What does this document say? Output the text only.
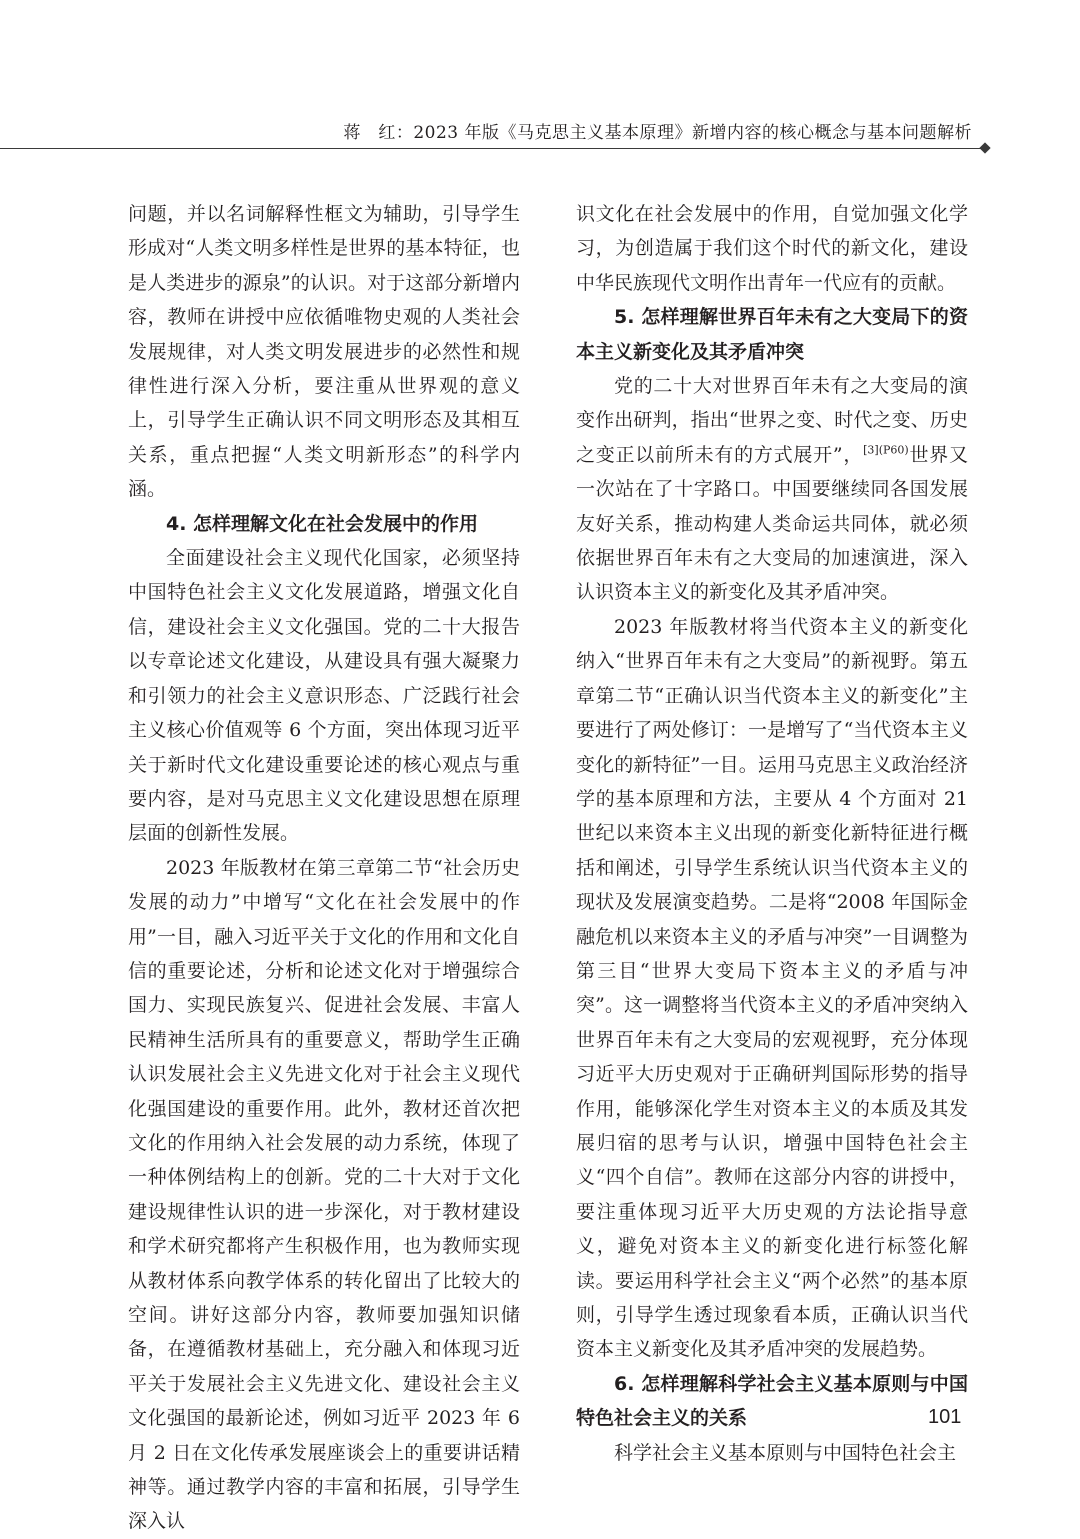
蒋　红：2023 年版《马克思主义基本原理》新增内容的核心概念与基本问题解析

问题，并以名词解释性框文为辅助，引导学生形成对“人类文明多样性是世界的基本特征，也是人类进步的源泉”的认识。对于这部分新增内容，教师在讲授中应依循唯物史观的人类社会发展规律，对人类文明发展进步的必然性和规律性进行深入分析，要注重从世界观的意义上，引导学生正确认识不同文明形态及其相互关系，重点把握“人类文明新形态”的科学内涵。

4. 怎样理解文化在社会发展中的作用

全面建设社会主义现代化国家，必须坚持中国特色社会主义文化发展道路，增强文化自信，建设社会主义文化强国。党的二十大报告以专章论述文化建设，从建设具有强大凝聚力和引领力的社会主义意识形态、广泛践行社会主义核心价值观等 6 个方面，突出体现习近平关于新时代文化建设重要论述的核心观点与重要内容，是对马克思主义文化建设思想在原理层面的创新性发展。

2023 年版教材在第三章第二节“社会历史发展的动力”中增写“文化在社会发展中的作用”一目，融入习近平关于文化的作用和文化自信的重要论述，分析和论述文化对于增强综合国力、实现民族复兴、促进社会发展、丰富人民精神生活所具有的重要意义，帮助学生正确认识发展社会主义先进文化对于社会主义现代化强国建设的重要作用。此外，教材还首次把文化的作用纳入社会发展的动力系统，体现了一种体例结构上的创新。党的二十大对于文化建设规律性认识的进一步深化，对于教材建设和学术研究都将产生积极作用，也为教师实现从教材体系向教学体系的转化留出了比较大的空间。讲好这部分内容，教师要加强知识储备，在遵循教材基础上，充分融入和体现习近平关于发展社会主义先进文化、建设社会主义文化强国的最新论述，例如习近平 2023 年 6 月 2 日在文化传承发展座谈会上的重要讲话精神等。通过教学内容的丰富和拓展，引导学生深入认

识文化在社会发展中的作用，自觉加强文化学习，为创造属于我们这个时代的新文化，建设中华民族现代文明作出青年一代应有的贡献。

5. 怎样理解世界百年未有之大变局下的资本主义新变化及其矛盾冲突

党的二十大对世界百年未有之大变局的演变作出研判，指出“世界之变、时代之变、历史之变正以前所未有的方式展开”，$^{[3](P60)}$世界又一次站在了十字路口。中国要继续同各国发展友好关系，推动构建人类命运共同体，就必须依据世界百年未有之大变局的加速演进，深入认识资本主义的新变化及其矛盾冲突。

2023 年版教材将当代资本主义的新变化纳入“世界百年未有之大变局”的新视野。第五章第二节“正确认识当代资本主义的新变化”主要进行了两处修订：一是增写了“当代资本主义变化的新特征”一目。运用马克思主义政治经济学的基本原理和方法，主要从 4 个方面对 21 世纪以来资本主义出现的新变化新特征进行概括和阐述，引导学生系统认识当代资本主义的现状及发展演变趋势。二是将“2008 年国际金融危机以来资本主义的矛盾与冲突”一目调整为第三目“世界大变局下资本主义的矛盾与冲突”。这一调整将当代资本主义的矛盾冲突纳入世界百年未有之大变局的宏观视野，充分体现习近平大历史观对于正确研判国际形势的指导作用，能够深化学生对资本主义的本质及其发展归宿的思考与认识，增强中国特色社会主义“四个自信”。教师在这部分内容的讲授中，要注重体现习近平大历史观的方法论指导意义，避免对资本主义的新变化进行标签化解读。要运用科学社会主义“两个必然”的基本原则，引导学生透过现象看本质，正确认识当代资本主义新变化及其矛盾冲突的发展趋势。

6. 怎样理解科学社会主义基本原则与中国特色社会主义的关系

科学社会主义基本原则与中国特色社会主

101
